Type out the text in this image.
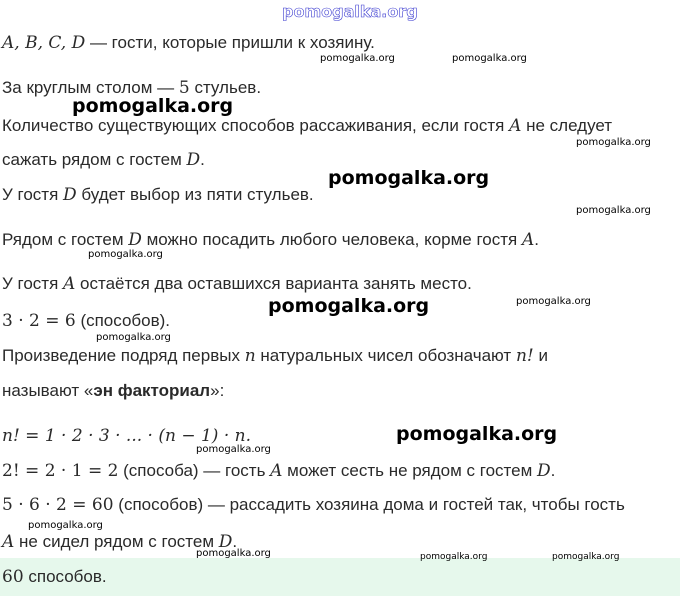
pomogalka.org
A, B, C, D — гости, которые пришли к хозяину.
За круглым столом — 5 стульев.
Количество существующих способов рассаживания, если гостя A не следует
сажать рядом с гостем D.
У гостя D будет выбор из пяти стульев.
Рядом с гостем D можно посадить любого человека, корме гостя A.
У гостя A остаётся два оставшихся варианта занять место.
3 · 2 = 6 (способов).
Произведение подряд первых n натуральных чисел обозначают n! и
называют «эн факториал»:
n! = 1 · 2 · 3 · ... · (n − 1) · n.
2! = 2 · 1 = 2 (способа) — гость A может сесть не рядом с гостем D.
5 · 6 · 2 = 60 (способов) — рассадить хозяина дома и гостей так, чтобы гость
A не сидел рядом с гостем D.
60 способов.
pomogalka.org	pomogalka.org
pomogalka.org
pomogalka.org
pomogalka.org
pomogalka.org
pomogalka.org
pomogalka.org	pomogalka.org
pomogalka.org
pomogalka.org
pomogalka.org
pomogalka.org
pomogalka.org	pomogalka.org	pomogalka.org
